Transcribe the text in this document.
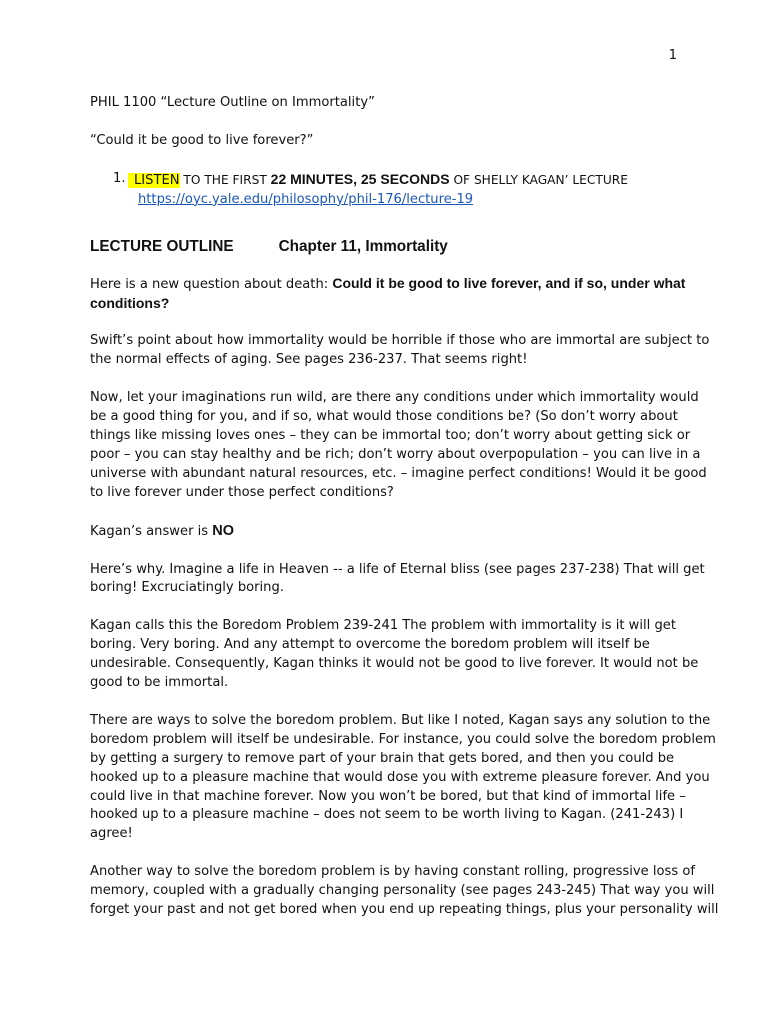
1

PHIL 1100 “Lecture Outline on Immortality”

“Could it be good to live forever?”

1. LISTEN TO THE FIRST 22 MINUTES, 25 SECONDS OF SHELLY KAGAN’ LECTURE
https://oyc.yale.edu/philosophy/phil-176/lecture-19
LECTURE OUTLINE	Chapter 11, Immortality

Here is a new question about death: Could it be good to live forever, and if so, under what
conditions?

Swift’s point about how immortality would be horrible if those who are immortal are subject to
the normal effects of aging. See pages 236-237. That seems right!

Now, let your imaginations run wild, are there any conditions under which immortality would
be a good thing for you, and if so, what would those conditions be? (So don’t worry about
things like missing loves ones – they can be immortal too; don’t worry about getting sick or
poor – you can stay healthy and be rich; don’t worry about overpopulation – you can live in a
universe with abundant natural resources, etc. – imagine perfect conditions! Would it be good
to live forever under those perfect conditions?

Kagan’s answer is NO

Here’s why. Imagine a life in Heaven -- a life of Eternal bliss (see pages 237-238) That will get
boring! Excruciatingly boring.

Kagan calls this the Boredom Problem 239-241 The problem with immortality is it will get
boring. Very boring. And any attempt to overcome the boredom problem will itself be
undesirable. Consequently, Kagan thinks it would not be good to live forever. It would not be
good to be immortal.

There are ways to solve the boredom problem. But like I noted, Kagan says any solution to the
boredom problem will itself be undesirable. For instance, you could solve the boredom problem
by getting a surgery to remove part of your brain that gets bored, and then you could be
hooked up to a pleasure machine that would dose you with extreme pleasure forever. And you
could live in that machine forever. Now you won’t be bored, but that kind of immortal life –
hooked up to a pleasure machine – does not seem to be worth living to Kagan. (241-243) I
agree!

Another way to solve the boredom problem is by having constant rolling, progressive loss of
memory, coupled with a gradually changing personality (see pages 243-245) That way you will
forget your past and not get bored when you end up repeating things, plus your personality will
